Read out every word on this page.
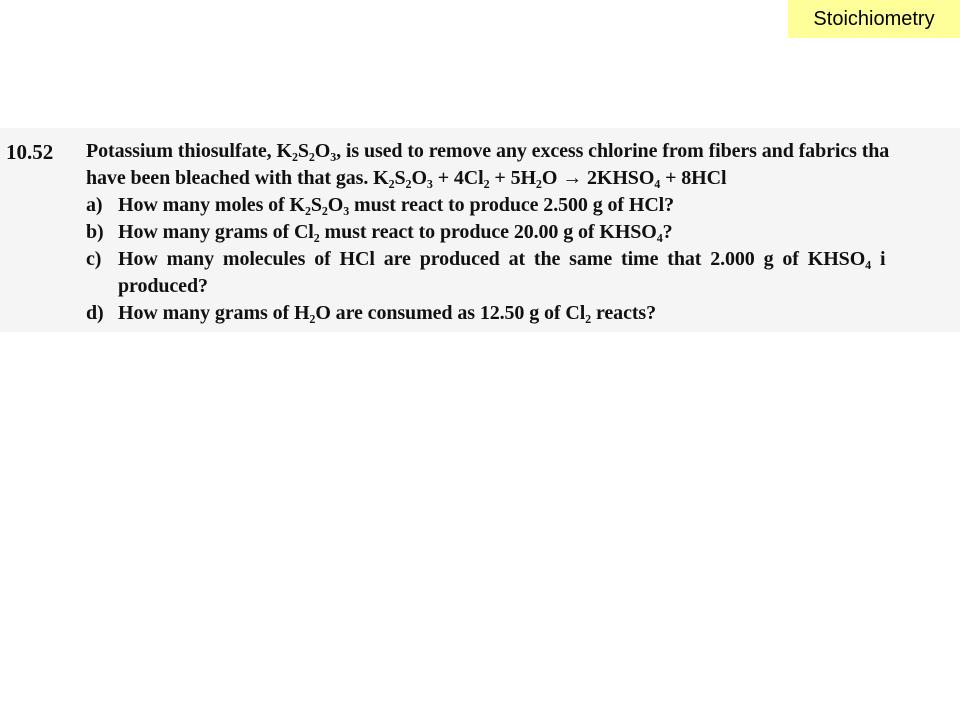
Stoichiometry
10.52 Potassium thiosulfate, K₂S₂O₃, is used to remove any excess chlorine from fibers and fabrics tha
have been bleached with that gas. K₂S₂O₃ + 4Cl₂ + 5H₂O → 2KHSO₄ + 8HCl
a) How many moles of K₂S₂O₃ must react to produce 2.500 g of HCl?
b) How many grams of Cl₂ must react to produce 20.00 g of KHSO₄?
c) How many molecules of HCl are produced at the same time that 2.000 g of KHSO₄ i
produced?
d) How many grams of H₂O are consumed as 12.50 g of Cl₂ reacts?
